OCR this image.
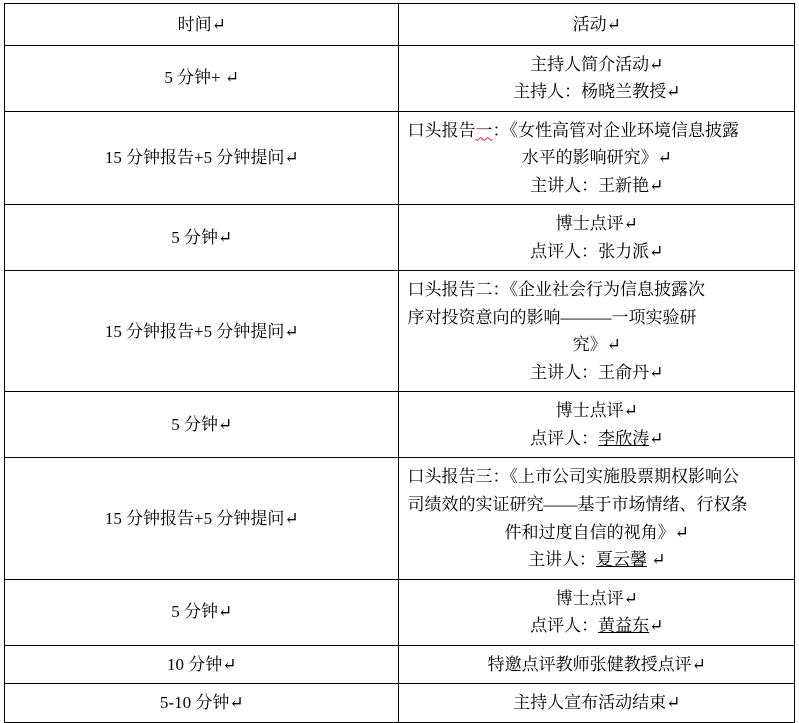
时间↵	活动↵

5 分钟+ ↵	主持人简介活动↵
主持人：杨晓兰教授↵

15 分钟报告+5 分钟提问↵	口头报告一：《女性高管对企业环境信息披露
水平的影响研究》↵
主讲人：王新艳↵

5 分钟↵	博士点评↵
点评人：张力派↵

15 分钟报告+5 分钟提问↵	口头报告二：《企业社会行为信息披露次
序对投资意向的影响———一项实验研
究》↵
主讲人：王俞丹↵

5 分钟↵	博士点评↵
点评人：李欣涛↵

15 分钟报告+5 分钟提问↵	口头报告三：《上市公司实施股票期权影响公
司绩效的实证研究——基于市场情绪、行权条
件和过度自信的视角》↵
主讲人：夏云馨 ↵

5 分钟↵	博士点评↵
点评人：黄益东↵

10 分钟↵	特邀点评教师张健教授点评↵

5-10 分钟↵	主持人宣布活动结束↵
